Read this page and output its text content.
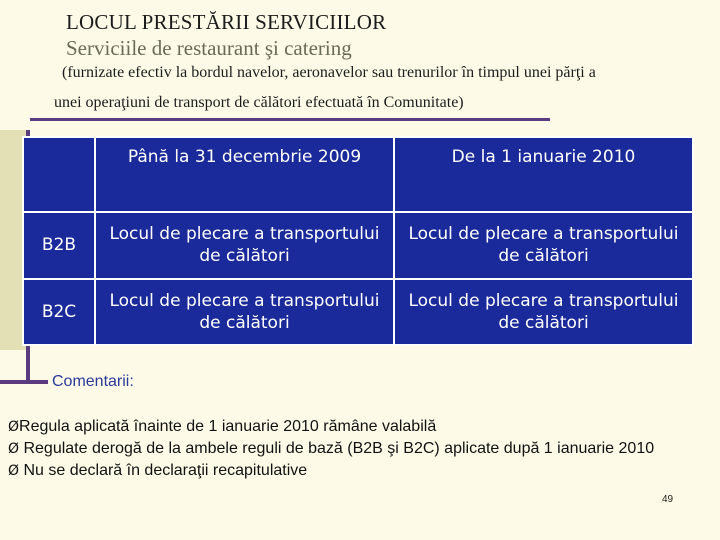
LOCUL PRESTĂRII SERVICIILOR
Serviciile de restaurant şi catering
(furnizate efectiv la bordul navelor, aeronavelor sau trenurilor în timpul unei părţi a
unei operaţiuni de transport de călători efectuată în Comunitate)
	Până la 31 decembrie 2009	De la 1 ianuarie 2010
B2B	Locul de plecare a transportului de călători	Locul de plecare a transportului de călători
B2C	Locul de plecare a transportului de călători	Locul de plecare a transportului de călători
Comentarii:

ØRegula aplicată înainte de 1 ianuarie 2010 rămâne valabilă

Ø Regulate derogă de la ambele reguli de bază (B2B şi B2C) aplicate după 1 ianuarie 2010

Ø Nu se declară în declaraţii recapitulative

49
